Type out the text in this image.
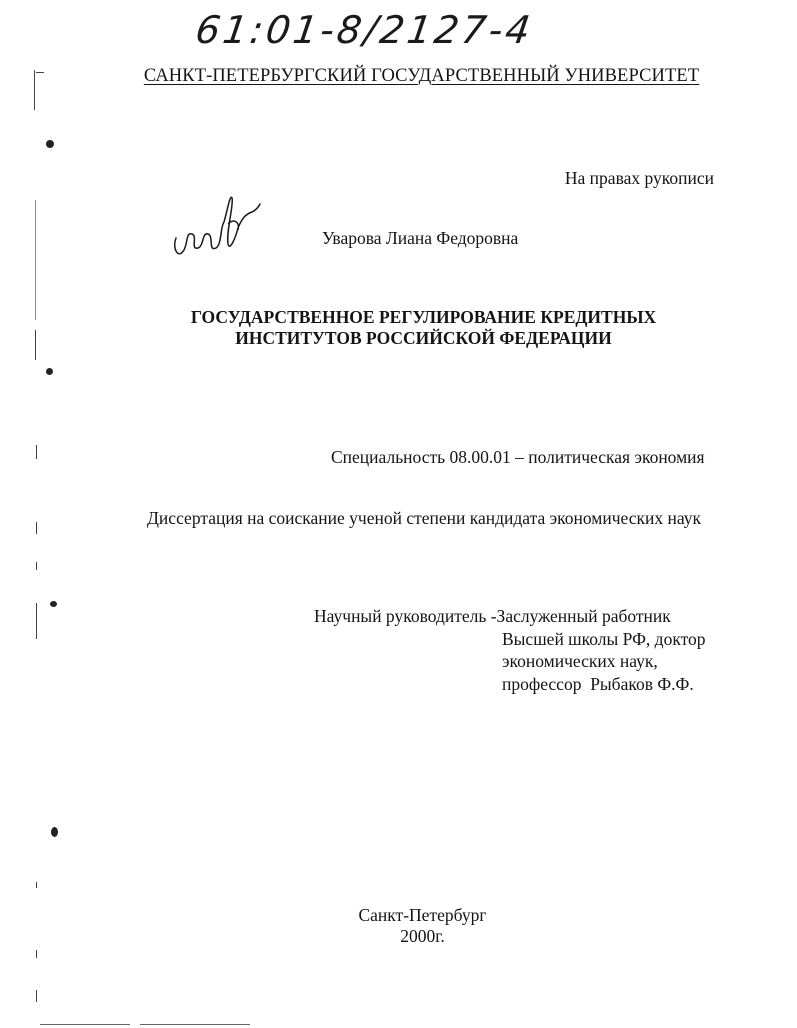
61:01-8/2127-4
САНКТ-ПЕТЕРБУРГСКИЙ ГОСУДАРСТВЕННЫЙ УНИВЕРСИТЕТ
На правах рукописи
Уварова Лиана Федоровна
ГОСУДАРСТВЕННОЕ РЕГУЛИРОВАНИЕ КРЕДИТНЫХ
ИНСТИТУТОВ РОССИЙСКОЙ ФЕДЕРАЦИИ
Специальность 08.00.01 – политическая экономия
Диссертация на соискание ученой степени кандидата экономических наук
Научный руководитель -Заслуженный работник
Высшей школы РФ, доктор
экономических наук,
профессор  Рыбаков Ф.Ф.
Санкт-Петербург
2000г.
